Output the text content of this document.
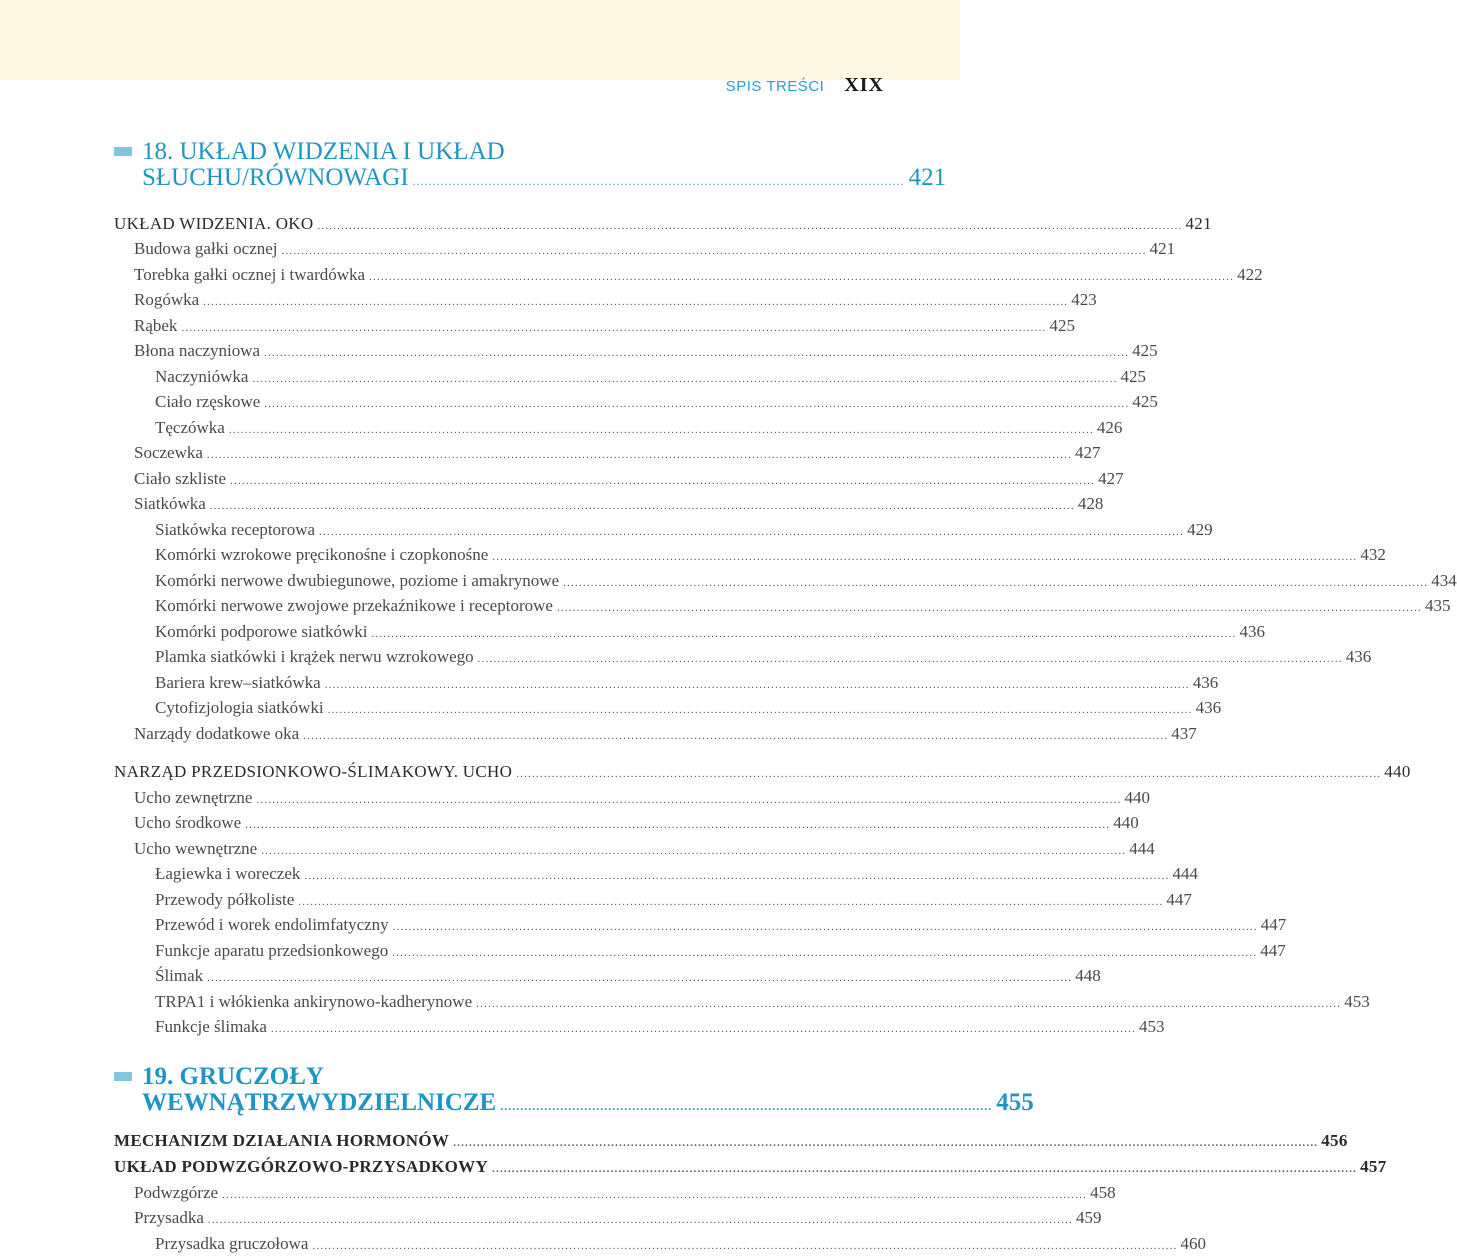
SPIS TREŚCI XIX
18. UKŁAD WIDZENIA I UKŁAD
SŁUCHU/RÓWNOWAGI ........................................................................................................................... 421
UKŁAD WIDZENIA. OKO ........................................................................................................................................................................................................................... 421
Budowa gałki ocznej ........................................................................................................................................................................................................................... 421
Torebka gałki ocznej i twardówka ........................................................................................................................................................................................................................... 422
Rogówka ........................................................................................................................................................................................................................... 423
Rąbek ........................................................................................................................................................................................................................... 425
Błona naczyniowa ........................................................................................................................................................................................................................... 425
Naczyniówka ........................................................................................................................................................................................................................... 425
Ciało rzęskowe ........................................................................................................................................................................................................................... 425
Tęczówka ........................................................................................................................................................................................................................... 426
Soczewka ........................................................................................................................................................................................................................... 427
Ciało szkliste ........................................................................................................................................................................................................................... 427
Siatkówka ........................................................................................................................................................................................................................... 428
Siatkówka receptorowa ........................................................................................................................................................................................................................... 429
Komórki wzrokowe pręcikonośne i czopkonośne ........................................................................................................................................................................................................................... 432
Komórki nerwowe dwubiegunowe, poziome i amakrynowe ........................................................................................................................................................................................................................... 434
Komórki nerwowe zwojowe przekaźnikowe i receptorowe ........................................................................................................................................................................................................................... 435
Komórki podporowe siatkówki ........................................................................................................................................................................................................................... 436
Plamka siatkówki i krążek nerwu wzrokowego ........................................................................................................................................................................................................................... 436
Bariera krew–siatkówka ........................................................................................................................................................................................................................... 436
Cytofizjologia siatkówki ........................................................................................................................................................................................................................... 436
Narządy dodatkowe oka ........................................................................................................................................................................................................................... 437
NARZĄD PRZEDSIONKOWO-ŚLIMAKOWY. UCHO ........................................................................................................................................................................................................................... 440
Ucho zewnętrzne ........................................................................................................................................................................................................................... 440
Ucho środkowe ........................................................................................................................................................................................................................... 440
Ucho wewnętrzne ........................................................................................................................................................................................................................... 444
Łagiewka i woreczek ........................................................................................................................................................................................................................... 444
Przewody półkoliste ........................................................................................................................................................................................................................... 447
Przewód i worek endolimfatyczny ........................................................................................................................................................................................................................... 447
Funkcje aparatu przedsionkowego ........................................................................................................................................................................................................................... 447
Ślimak ........................................................................................................................................................................................................................... 448
TRPA1 i włókienka ankirynowo-kadherynowe ........................................................................................................................................................................................................................... 453
Funkcje ślimaka ........................................................................................................................................................................................................................... 453
19. GRUCZOŁY
WEWNĄTRZWYDZIELNICZE ........................................................................................................................... 455
MECHANIZM DZIAŁANIA HORMONÓW ........................................................................................................................................................................................................................... 456
UKŁAD PODWZGÓRZOWO-PRZYSADKOWY ........................................................................................................................................................................................................................... 457
Podwzgórze ........................................................................................................................................................................................................................... 458
Przysadka ........................................................................................................................................................................................................................... 459
Przysadka gruczołowa ........................................................................................................................................................................................................................... 460
